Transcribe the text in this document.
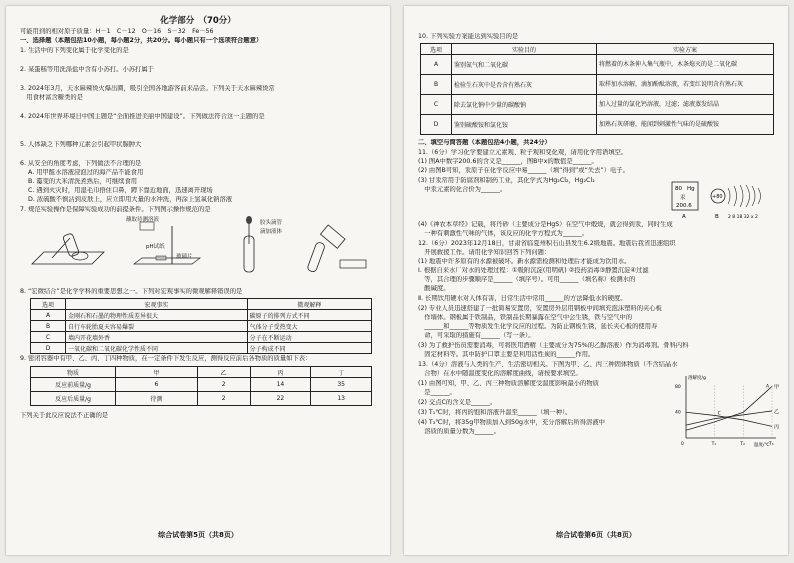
化学部分　（70分）
可能用到的相对原子质量：H－1　C－12　O－16　S－32　Fe－56
一、选择题（本题包括10小题，每小题2分，共20分。每小题只有一个选项符合题意）
1. 生活中的下列变化属于化学变化的是
2. 某蛋糕等用洗涤盐中含有小苏打。小苏打属于
3. 2024年3月，天水麻辣烫火爆出圈，吸引全国各地游客前来品尝。下列关于天水麻辣烫常
　用食材富含糖类的是
4. 2024年世界环境日中国主题是“全面推进美丽中国建设”。下列做法符合这一主题的是
5. 人体缺乏下列哪种元素会引起甲状腺肿大
6. 从安全的角度考虑，下列做法不合理的是
A. 用甲醛水溶液浸泡过的海产品不能食用
B. 霉变的大米清洗煮熟后，可继续食用
C. 遇到火灾时，用湿毛巾捂住口鼻，蹲下靠近地面，迅速离开现场
D. 浓硫酸不慎沾到皮肤上，应立即用大量的水冲洗，再涂上氢氧化钠溶液
7. 规范实验操作是保障实验成功的前提条件。下列图示操作规范的是
蘸取待测溶液
pH试纸
玻璃片
胶头滴管
滴加液体
8. “宏微结合”是化学学科的重要思想之一。下列对宏观事实的微观解释错误的是
选项	宏观事实	微观解释
A	金刚石和石墨的物理性质差异很大	碳原子的排列方式不同
B	自行车轮胎夏天容易爆裂	气体分子受热变大
C	墙内开花墙外香	分子在不断运动
D	一氧化碳和二氧化碳化学性质不同	分子构成不同
9. 密闭容器中有甲、乙、丙、丁四种物质，在一定条件下发生反应，测得反应前后各物质的质量如下表：
物质	甲	乙	丙	丁
反应前质量/g	6	2	14	35
反应后质量/g	待测	2	22	13
下列关于此反应说法不正确的是
综合试卷第5页（共8页）
10. 下列实验方案能达到实验目的是
选项	实验目的	实验方案
A	鉴别氮气和二氧化碳	将燃着的木条伸入集气瓶中，木条熄灭的是二氧化碳
B	检验生石灰中是否含有熟石灰	取样加水溶解，滴加酚酞溶液，若变红说明含有熟石灰
C	除去氯化钠中少量的碳酸钠	加入过量的氯化钙溶液，过滤；滤液蒸发结晶
D	鉴别硫酸铵和氯化铵	加熟石灰研磨，能闻到刺激性气味的是硫酸铵
二、填空与简答题（本题包括4小题，共24分）
11.（6分）学习化学要建立元素观、粒子观和变化观，请用化学用语填空。
(1) 图A中数字200.6的含义是______，图B中x的数值是______。
(2) 由图B可知，汞原子在化学反应中易______（填“得到”或“失去”）电子。
80 Hg
汞
200.6
+80
2 8 18 32 x 2
A	B
(3) 甘汞常用于防腐剂和制药工业，其化学式为Hg₂Cl₂，Hg₂Cl₂
　中汞元素的化合价为______。
(4)《神农本草经》记载，将丹砂（主要成分是HgS）在空气中煅烧，就会得到汞，同时生成
　一种有刺激性气味的气体，该反应的化学方程式为______。
12.（6分）2023年12月18日，甘肃省临夏州积石山县发生6.2级地震。地震后我省迅速组织
　开展救援工作。请用化学知识回答下列问题：
(1) 地震中许多原有的水源被破坏。新水源需检测和处理后才能成为饮用水。
Ⅰ. 根据自来水厂对水的处理过程：①吸附沉淀(用明矾) ②投药消毒③静置沉淀④过滤
　等，其合理的步骤顺序是______（填序号）。可用______（填名称）检测水的
　酸碱度。
Ⅱ. 长期饮用硬水对人体有害，日常生活中常用______的方法降低水的硬度。
(2) 专业人员迅速搭建了一批简易安置房，安置房外层用钢板中间填充泡沫塑料的夹心板
　作墙体。钢板属于铁制品，铁制品长期暴露在空气中会生锈，铁与空气中的
　______和______等物质发生化学反应的过程。为防止钢板生锈，延长夹心板的使用寿
　命，可采取的措施有______（写一条）。
(3) 为了救护伤员需要消毒，可将医用酒精（主要成分为75%的乙醇溶液）作为消毒剂。骨科内科
　固定材料等。其中防护口罩主要是利用活性炭的______作用。
13.（4分）溶液与人类的生产、生活密切相关。下图为甲、乙、丙三种固体物质（不含结晶水
　合物）在水中随温度变化的溶解度曲线，请按要求填空。
(1) 由图可知，甲、乙、丙三种物质溶解度受温度影响最小的物质
　是______。
(2) 交点C的含义是______。
(3) T₁℃时，将丙的饱和溶液升温至______（填一种）。
(4) T₃℃时，将35g甲物质加入到50g水中，充分溶解后所得溶液中
　溶质的质量分数为______。
溶解度/g
温度/℃
0	T₁	T₂	T₃
80
40
甲
乙
丙
A
C
综合试卷第6页（共8页）
